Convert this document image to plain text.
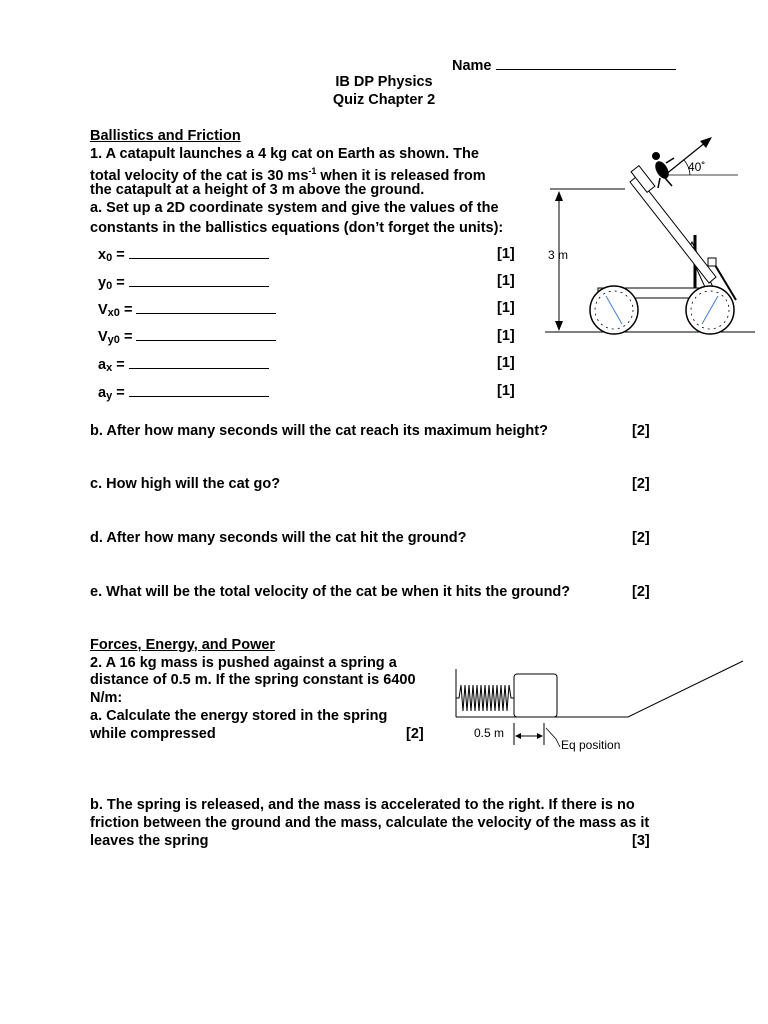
Name
IB DP Physics
Quiz Chapter 2
Ballistics and Friction
1. A catapult launches a 4 kg cat on Earth as shown. The
total velocity of the cat is 30 $ms^{-1}$ when it is released from
the catapult at a height of 3 m above the ground.
a. Set up a 2D coordinate system and give the values of the
constants in the ballistics equations (don’t forget the units):
x0 =	[1]
y0 =	[1]
Vx0 =	[1]
Vy0 =	[1]
ax =	[1]
ay =	[1]
b. After how many seconds will the cat reach its maximum height?	[2]
c. How high will the cat go?	[2]
d. After how many seconds will the cat hit the ground?	[2]
e. What will be the total velocity of the cat be when it hits the ground?	[2]
3 m
40˚
Forces, Energy, and Power
2. A 16 kg mass is pushed against a spring a
distance of 0.5 m. If the spring constant is 6400
N/m:
a. Calculate the energy stored in the spring
while compressed	[2]
b. The spring is released, and the mass is accelerated to the right. If there is no
friction between the ground and the mass, calculate the velocity of the mass as it
leaves the spring	[3]
0.5 m
Eq position
